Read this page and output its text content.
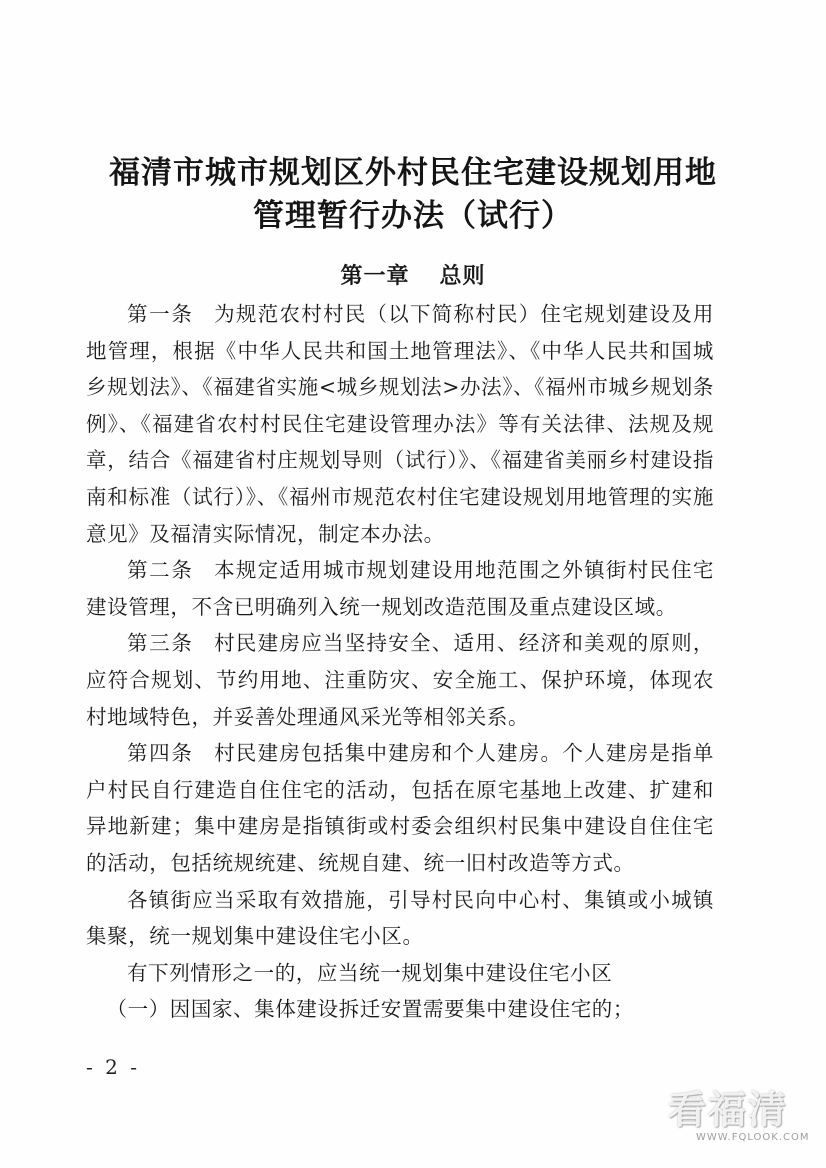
福清市城市规划区外村民住宅建设规划用地
管理暂行办法（试行）
第一章 总则

第一条 为规范农村村民（以下简称村民）住宅规划建设及用地管理，根据《中华人民共和国土地管理法》、《中华人民共和国城乡规划法》、《福建省实施<城乡规划法>办法》、《福州市城乡规划条例》、《福建省农村村民住宅建设管理办法》等有关法律、法规及规章，结合《福建省村庄规划导则（试行）》、《福建省美丽乡村建设指南和标准（试行）》、《福州市规范农村住宅建设规划用地管理的实施意见》及福清实际情况，制定本办法。

第二条 本规定适用城市规划建设用地范围之外镇街村民住宅建设管理，不含已明确列入统一规划改造范围及重点建设区域。

第三条 村民建房应当坚持安全、适用、经济和美观的原则，应符合规划、节约用地、注重防灾、安全施工、保护环境，体现农村地域特色，并妥善处理通风采光等相邻关系。

第四条 村民建房包括集中建房和个人建房。个人建房是指单户村民自行建造自住住宅的活动，包括在原宅基地上改建、扩建和异地新建；集中建房是指镇街或村委会组织村民集中建设自住住宅的活动，包括统规统建、统规自建、统一旧村改造等方式。

各镇街应当采取有效措施，引导村民向中心村、集镇或小城镇集聚，统一规划集中建设住宅小区。

有下列情形之一的，应当统一规划集中建设住宅小区

（一）因国家、集体建设拆迁安置需要集中建设住宅的；

- 2 -
看福清
WWW.FQLOOK.COM
